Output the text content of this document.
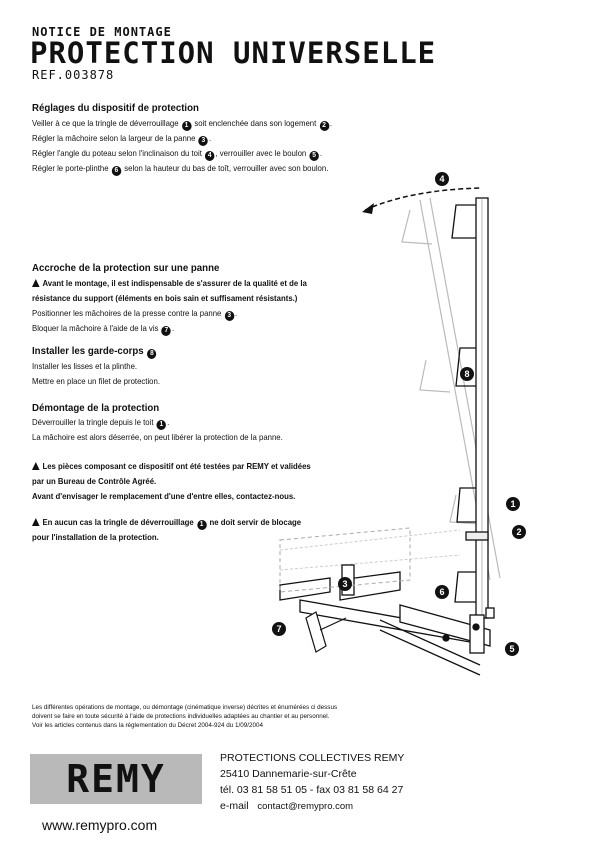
NOTICE DE MONTAGE
PROTECTION UNIVERSELLE
REF.003878
Réglages du dispositif de protection
Veiller à ce que la tringle de déverrouillage 1 soit enclenchée dans son logement 2 .
Régler la mâchoire selon la largeur de la panne 3 .
Régler l'angle du poteau selon l'inclinaison du toit 4 , verrouiller avec le boulon 5 .
Régler le porte-plinthe 6 selon la hauteur du bas de toît, verrouiller avec son boulon.
Accroche de la protection sur une panne
Avant le montage, il est indispensable de s'assurer de la qualité et de la
résistance du support (éléments en bois sain et suffisament résistants.)
Positionner les mâchoires de la presse contre la panne 3 .
Bloquer la mâchoire à l'aide de la vis 7 .
Installer les garde-corps 8
Installer les lisses et la plinthe.
Mettre en place un filet de protection.
Démontage de la protection
Déverrouiller la tringle depuis le toit 1 .
La mâchoire est alors déserrée, on peut libérer la protection de la panne.
Les pièces composant ce dispositif ont été testées par REMY et validées
par un Bureau de Contrôle Agréé.
Avant d'envisager le remplacement d'une d'entre elles, contactez-nous.
En aucun cas la tringle de déverrouillage 1 ne doit servir de blocage
pour l'installation de la protection.
4
8
1
2
3
6
7
5
Les différentes opérations de montage, ou démontage (cinématique inverse) décrites et énumérées ci dessus
doivent se faire en toute sécurité à l'aide de protections individuelles adaptées au chantier et au personnel.
Voir les articles contenus dans la réglementation du Décret 2004-924 du 1/09/2004
REMY	PROTECTIONS COLLECTIVES REMY
25410 Dannemarie-sur-Crête
tél. 03 81 58 51 05 - fax 03 81 58 64 27
e-mail contact@remypro.com
www.remypro.com
